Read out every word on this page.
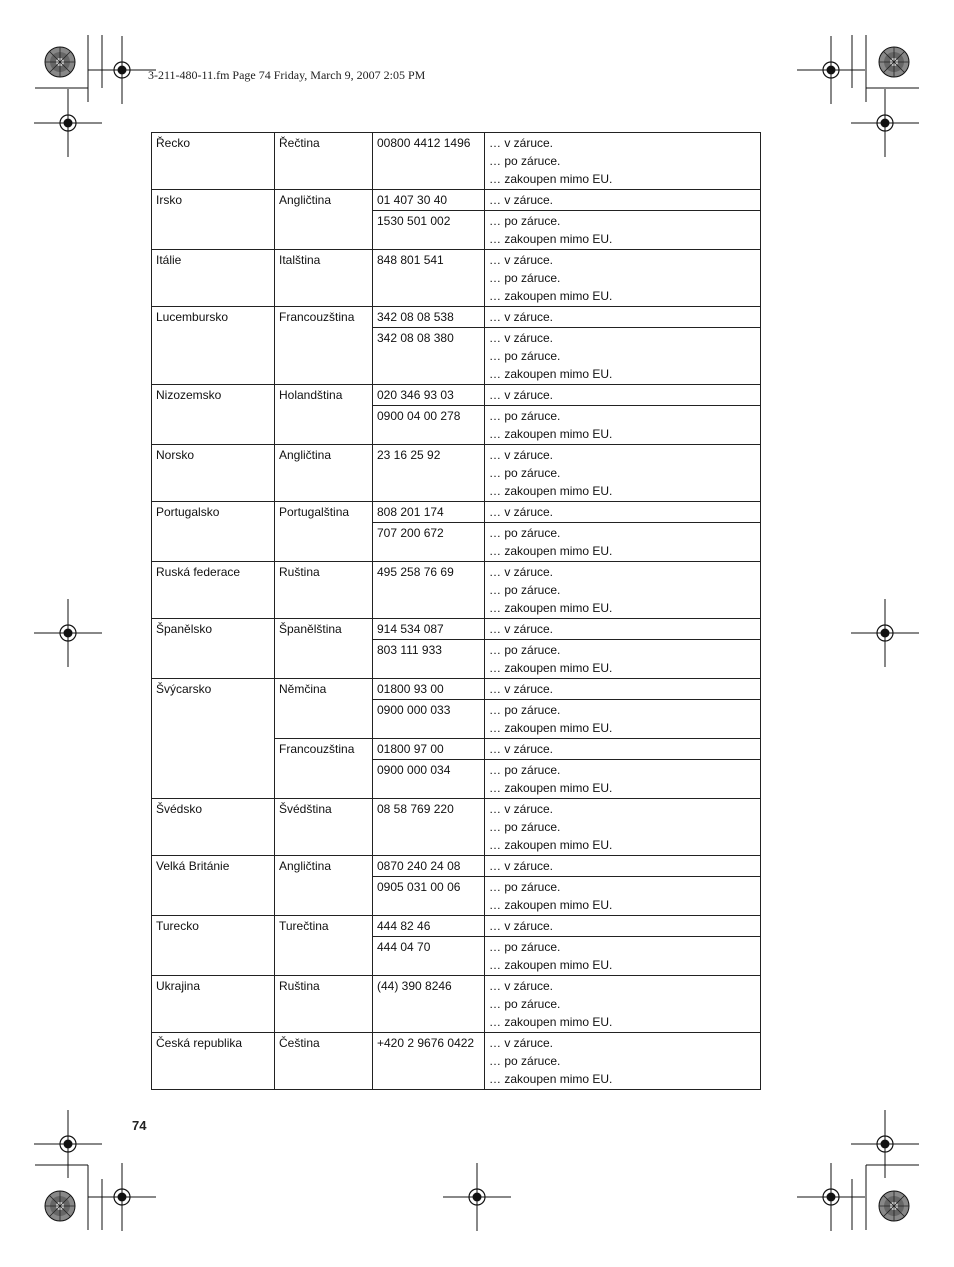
3-211-480-11.fm Page 74 Friday, March 9, 2007 2:05 PM
Řecko	Řečtina	00800 4412 1496	… v záruce.
… po záruce.
… zakoupen mimo EU.

Irsko	Angličtina	01 407 30 40	… v záruce.

		1530 501 002	… po záruce.
… zakoupen mimo EU.

Itálie	Italština	848 801 541	… v záruce.
… po záruce.
… zakoupen mimo EU.

Lucembursko	Francouzština	342 08 08 538	… v záruce.

		342 08 08 380	… v záruce.
… po záruce.
… zakoupen mimo EU.

Nizozemsko	Holandština	020 346 93 03	… v záruce.

		0900 04 00 278	… po záruce.
… zakoupen mimo EU.

Norsko	Angličtina	23 16 25 92	… v záruce.
… po záruce.
… zakoupen mimo EU.

Portugalsko	Portugalština	808 201 174	… v záruce.

		707 200 672	… po záruce.
… zakoupen mimo EU.

Ruská federace	Ruština	495 258 76 69	… v záruce.
… po záruce.
… zakoupen mimo EU.

Španělsko	Španělština	914 534 087	… v záruce.

		803 111 933	… po záruce.
… zakoupen mimo EU.

Švýcarsko	Němčina	01800 93 00	… v záruce.

		0900 000 033	… po záruce.
… zakoupen mimo EU.

	Francouzština	01800 97 00	… v záruce.

		0900 000 034	… po záruce.
… zakoupen mimo EU.

Švédsko	Švédština	08 58 769 220	… v záruce.
… po záruce.
… zakoupen mimo EU.

Velká Británie	Angličtina	0870 240 24 08	… v záruce.

		0905 031 00 06	… po záruce.
… zakoupen mimo EU.

Turecko	Turečtina	444 82 46	… v záruce.

		444 04 70	… po záruce.
… zakoupen mimo EU.

Ukrajina	Ruština	(44) 390 8246	… v záruce.
… po záruce.
… zakoupen mimo EU.

Česká republika	Čeština	+420 2 9676 0422	… v záruce.
… po záruce.
… zakoupen mimo EU.
74
